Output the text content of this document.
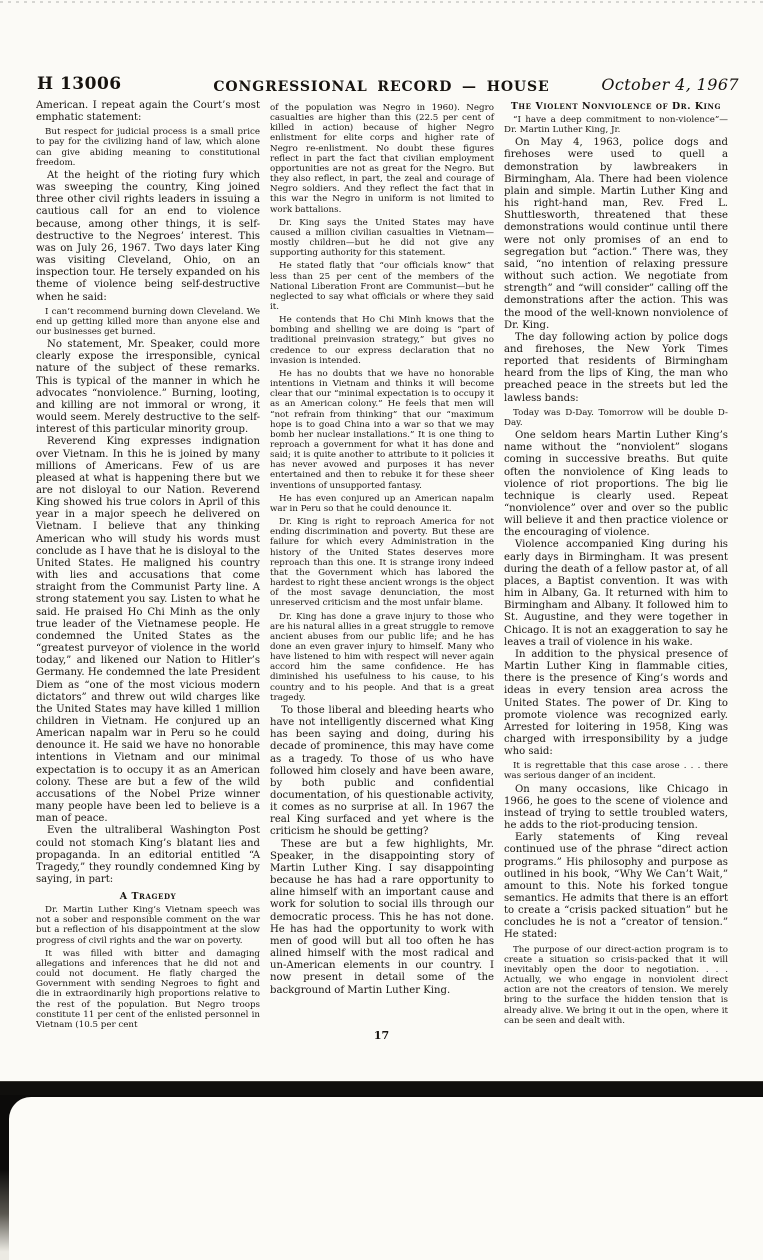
H 13006	CONGRESSIONAL RECORD — HOUSE	October 4, 1967

American. I repeat again the Court’s most emphatic statement:

But respect for judicial process is a small price to pay for the civilizing hand of law, which alone can give abiding meaning to constitutional freedom.

At the height of the rioting fury which was sweeping the country, King joined three other civil rights leaders in issuing a cautious call for an end to violence because, among other things, it is self-destructive to the Negroes’ interest. This was on July 26, 1967. Two days later King was visiting Cleveland, Ohio, on an inspection tour. He tersely expanded on his theme of violence being self-destructive when he said:

I can’t recommend burning down Cleveland. We end up getting killed more than anyone else and our businesses get burned.

No statement, Mr. Speaker, could more clearly expose the irresponsible, cynical nature of the subject of these remarks. This is typical of the manner in which he advocates “nonviolence.” Burning, looting, and killing are not immoral or wrong, it would seem. Merely destructive to the self-interest of this particular minority group.

Reverend King expresses indignation over Vietnam. In this he is joined by many millions of Americans. Few of us are pleased at what is happening there but we are not disloyal to our Nation. Reverend King showed his true colors in April of this year in a major speech he delivered on Vietnam. I believe that any thinking American who will study his words must conclude as I have that he is disloyal to the United States. He maligned his country with lies and accusations that come straight from the Communist Party line. A strong statement you say. Listen to what he said. He praised Ho Chi Minh as the only true leader of the Vietnamese people. He condemned the United States as the “greatest purveyor of violence in the world today,” and likened our Nation to Hitler’s Germany. He condemned the late President Diem as “one of the most vicious modern dictators” and threw out wild charges like the United States may have killed 1 million children in Vietnam. He conjured up an American napalm war in Peru so he could denounce it. He said we have no honorable intentions in Vietnam and our minimal expectation is to occupy it as an American colony. These are but a few of the wild accusations of the Nobel Prize winner many people have been led to believe is a man of peace.

Even the ultraliberal Washington Post could not stomach King’s blatant lies and propaganda. In an editorial entitled “A Tragedy,” they roundly condemned King by saying, in part:

A Tragedy

Dr. Martin Luther King’s Vietnam speech was not a sober and responsible comment on the war but a reflection of his disappointment at the slow progress of civil rights and the war on poverty.

It was filled with bitter and damaging allegations and inferences that he did not and could not document. He flatly charged the Government with sending Negroes to fight and die in extraordinarily high proportions relative to the rest of the population. But Negro troops constitute 11 per cent of the enlisted personnel in Vietnam (10.5 per cent

of the population was Negro in 1960). Negro casualties are higher than this (22.5 per cent of killed in action) because of higher Negro enlistment for elite corps and higher rate of Negro re-enlistment. No doubt these figures reflect in part the fact that civilian employment opportunities are not as great for the Negro. But they also reflect, in part, the zeal and courage of Negro soldiers. And they reflect the fact that in this war the Negro in uniform is not limited to work battalions.

Dr. King says the United States may have caused a million civilian casualties in Vietnam—mostly children—but he did not give any supporting authority for this statement.

He stated flatly that “our officials know” that less than 25 per cent of the members of the National Liberation Front are Communist—but he neglected to say what officials or where they said it.

He contends that Ho Chi Minh knows that the bombing and shelling we are doing is “part of traditional preinvasion strategy,” but gives no credence to our express declaration that no invasion is intended.

He has no doubts that we have no honorable intentions in Vietnam and thinks it will become clear that our “minimal expectation is to occupy it as an American colony.” He feels that men will “not refrain from thinking” that our “maximum hope is to goad China into a war so that we may bomb her nuclear installations.” It is one thing to reproach a government for what it has done and said; it is quite another to attribute to it policies it has never avowed and purposes it has never entertained and then to rebuke it for these sheer inventions of unsupported fantasy.

He has even conjured up an American napalm war in Peru so that he could denounce it.

Dr. King is right to reproach America for not ending discrimination and poverty. But these are failure for which every Administration in the history of the United States deserves more reproach than this one. It is strange irony indeed that the Government which has labored the hardest to right these ancient wrongs is the object of the most savage denunciation, the most unreserved criticism and the most unfair blame.

Dr. King has done a grave injury to those who are his natural allies in a great struggle to remove ancient abuses from our public life; and he has done an even graver injury to himself. Many who have listened to him with respect will never again accord him the same confidence. He has diminished his usefulness to his cause, to his country and to his people. And that is a great tragedy.

To those liberal and bleeding hearts who have not intelligently discerned what King has been saying and doing, during his decade of prominence, this may have come as a tragedy. To those of us who have followed him closely and have been aware, by both public and confidential documentation, of his questionable activity, it comes as no surprise at all. In 1967 the real King surfaced and yet where is the criticism he should be getting?

These are but a few highlights, Mr. Speaker, in the disappointing story of Martin Luther King. I say disappointing because he has had a rare opportunity to aline himself with an important cause and work for solution to social ills through our democratic process. This he has not done. He has had the opportunity to work with men of good will but all too often he has alined himself with the most radical and un-American elements in our country. I now present in detail some of the background of Martin Luther King.

The Violent Nonviolence of Dr. King

“I have a deep commitment to non-violence”—Dr. Martin Luther King, Jr.

On May 4, 1963, police dogs and firehoses were used to quell a demonstration by lawbreakers in Birmingham, Ala. There had been violence plain and simple. Martin Luther King and his right-hand man, Rev. Fred L. Shuttlesworth, threatened that these demonstrations would continue until there were not only promises of an end to segregation but “action.” There was, they said, “no intention of relaxing pressure without such action. We negotiate from strength” and “will consider” calling off the demonstrations after the action. This was the mood of the well-known nonviolence of Dr. King.

The day following action by police dogs and firehoses, the New York Times reported that residents of Birmingham heard from the lips of King, the man who preached peace in the streets but led the lawless bands:

Today was D-Day. Tomorrow will be double D-Day.

One seldom hears Martin Luther King’s name without the “nonviolent” slogans coming in successive breaths. But quite often the nonviolence of King leads to violence of riot proportions. The big lie technique is clearly used. Repeat “nonviolence” over and over so the public will believe it and then practice violence or the encouraging of violence.

Violence accompanied King during his early days in Birmingham. It was present during the death of a fellow pastor at, of all places, a Baptist convention. It was with him in Albany, Ga. It returned with him to Birmingham and Albany. It followed him to St. Augustine, and they were together in Chicago. It is not an exaggeration to say he leaves a trail of violence in his wake.

In addition to the physical presence of Martin Luther King in flammable cities, there is the presence of King’s words and ideas in every tension area across the United States. The power of Dr. King to promote violence was recognized early. Arrested for loitering in 1958, King was charged with irresponsibility by a judge who said:

It is regrettable that this case arose . . . there was serious danger of an incident.

On many occasions, like Chicago in 1966, he goes to the scene of violence and instead of trying to settle troubled waters, he adds to the riot-producing tension.

Early statements of King reveal continued use of the phrase “direct action programs.” His philosophy and purpose as outlined in his book, “Why We Can’t Wait,” amount to this. Note his forked tongue semantics. He admits that there is an effort to create a “crisis packed situation” but he concludes he is not a “creator of tension.” He stated:

The purpose of our direct-action program is to create a situation so crisis-packed that it will inevitably open the door to negotiation. . . . Actually, we who engage in nonviolent direct action are not the creators of tension. We merely bring to the surface the hidden tension that is already alive. We bring it out in the open, where it can be seen and dealt with.

17
